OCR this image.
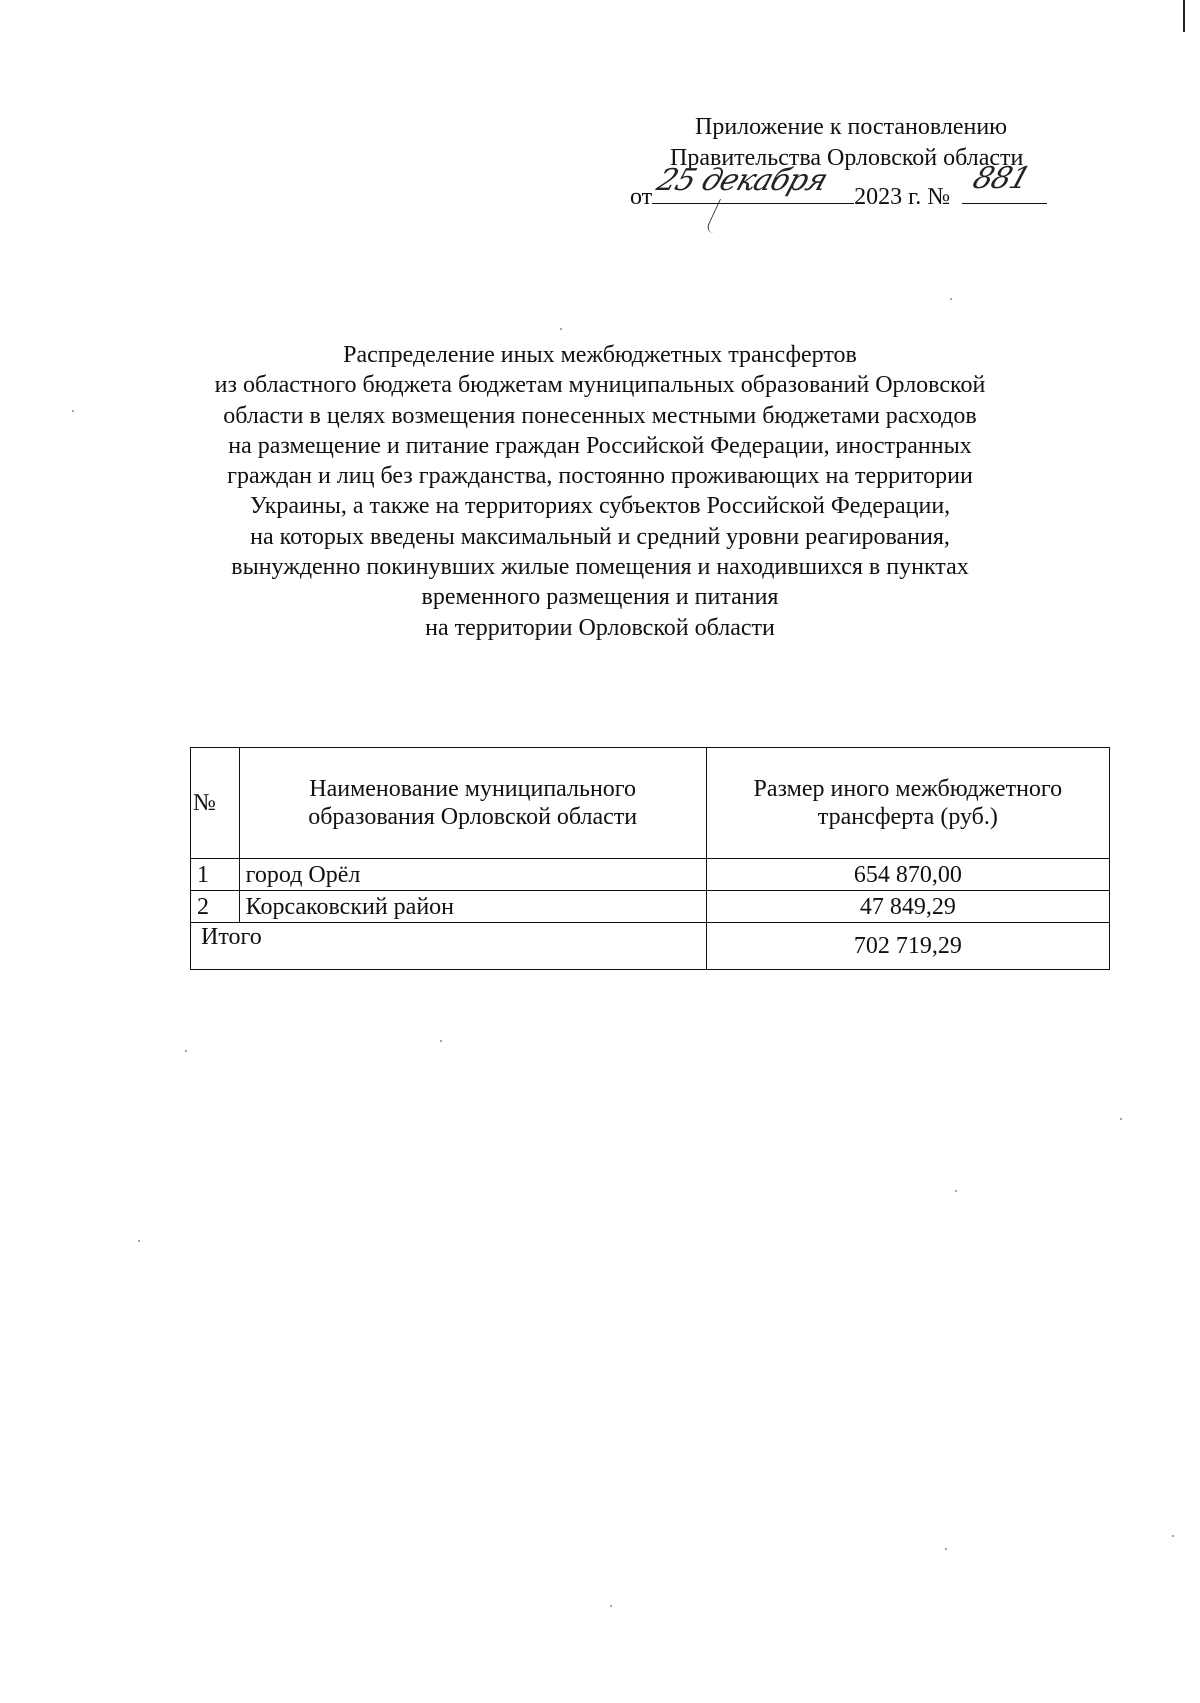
Приложение к постановлению
Правительства Орловской области
от 25 декабря 2023 г. №
881
Распределение иных межбюджетных трансфертов
из областного бюджета бюджетам муниципальных образований Орловской
области в целях возмещения понесенных местными бюджетами расходов
на размещение и питание граждан Российской Федерации, иностранных
граждан и лиц без гражданства, постоянно проживающих на территории
Украины, а также на территориях субъектов Российской Федерации,
на которых введены максимальный и средний уровни реагирования,
вынужденно покинувших жилые помещения и находившихся в пунктах
временного размещения и питания
на территории Орловской области
№	Наименование муниципального образования Орловской области	Размер иного межбюджетного трансферта (руб.)
1	город Орёл	654 870,00
2	Корсаковский район	47 849,29
Итого		702 719,29
